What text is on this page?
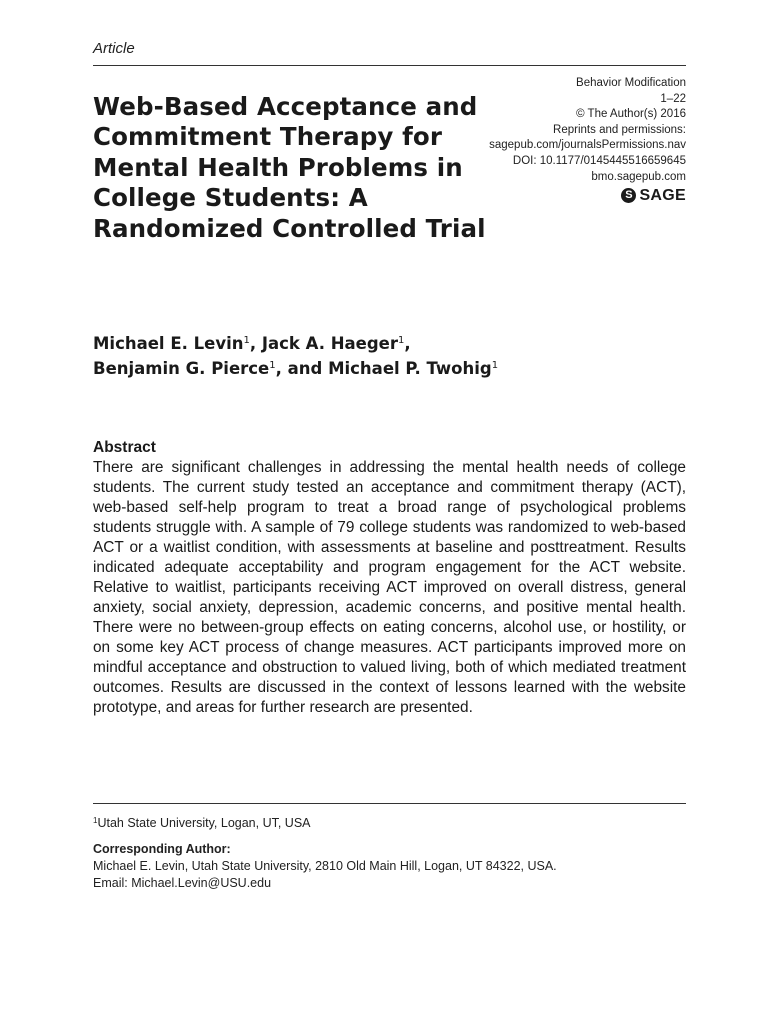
Article
Behavior Modification
1–22
© The Author(s) 2016
Reprints and permissions:
sagepub.com/journalsPermissions.nav
DOI: 10.1177/0145445516659645
bmo.sagepub.com
S SAGE
Web-Based Acceptance and Commitment Therapy for Mental Health Problems in College Students: A Randomized Controlled Trial
Michael E. Levin$^1$, Jack A. Haeger$^1$,
Benjamin G. Pierce$^1$, and Michael P. Twohig$^1$
Abstract

There are significant challenges in addressing the mental health needs of college students. The current study tested an acceptance and commitment therapy (ACT), web-based self-help program to treat a broad range of psychological problems students struggle with. A sample of 79 college students was randomized to web-based ACT or a waitlist condition, with assessments at baseline and posttreatment. Results indicated adequate acceptability and program engagement for the ACT website. Relative to waitlist, participants receiving ACT improved on overall distress, general anxiety, social anxiety, depression, academic concerns, and positive mental health. There were no between-group effects on eating concerns, alcohol use, or hostility, or on some key ACT process of change measures. ACT participants improved more on mindful acceptance and obstruction to valued living, both of which mediated treatment outcomes. Results are discussed in the context of lessons learned with the website prototype, and areas for further research are presented.

$^1$Utah State University, Logan, UT, USA
Corresponding Author:
Michael E. Levin, Utah State University, 2810 Old Main Hill, Logan, UT 84322, USA.
Email: Michael.Levin@USU.edu
